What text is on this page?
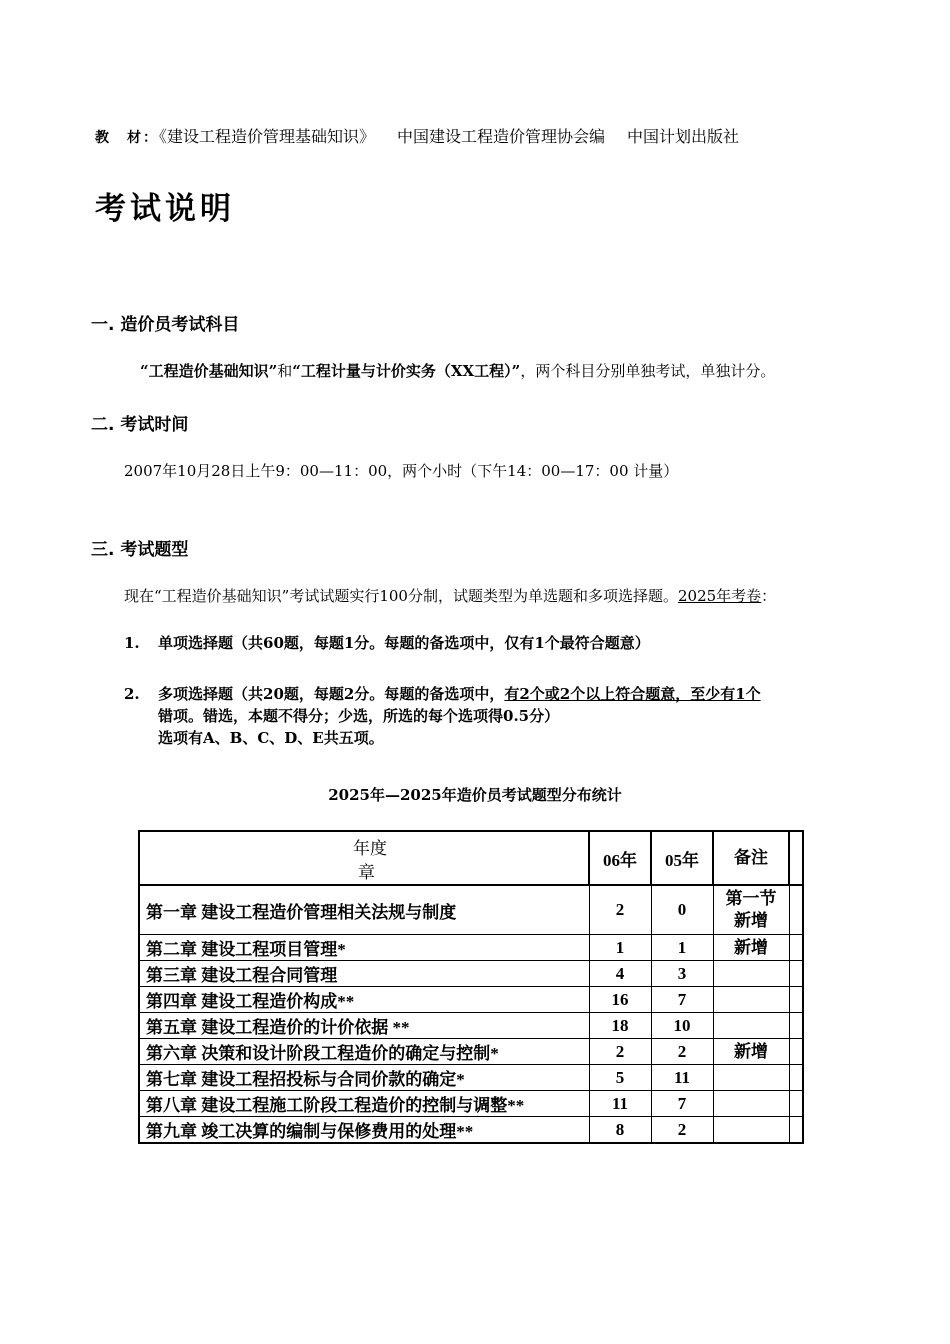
教　材：《建设工程造价管理基础知识》 中国建设工程造价管理协会编 中国计划出版社
考试说明
一. 造价员考试科目
“工程造价基础知识”和“工程计量与计价实务（XX工程）”，两个科目分别单独考试，单独计分。
二. 考试时间
2007年10月28日上午9：00—11：00，两个小时（下午14：00—17：00 计量）
三. 考试题型
现在“工程造价基础知识”考试试题实行100分制，试题类型为单选题和多项选择题。2025年考卷：
1. 单项选择题（共60题，每题1分。每题的备选项中，仅有1个最符合题意）
2. 多项选择题（共20题，每题2分。每题的备选项中，有2个或2个以上符合题意，至少有1个
错项。错选，本题不得分；少选，所选的每个选项得0.5分）
选项有A、B、C、D、E共五项。
2025年—2025年造价员考试题型分布统计
年度
章	06年	05年	备注	
第一章 建设工程造价管理相关法规与制度	2	0	第一节
新增	

第二章 建设工程项目管理*	1	1	新增	
第三章 建设工程合同管理	4	3		
第四章 建设工程造价构成**	16	7		
第五章 建设工程造价的计价依据 **	18	10		
第六章 决策和设计阶段工程造价的确定与控制*	2	2	新增	
第七章 建设工程招投标与合同价款的确定*	5	11		
第八章 建设工程施工阶段工程造价的控制与调整**	11	7		
第九章 竣工决算的编制与保修费用的处理**	8	2		
